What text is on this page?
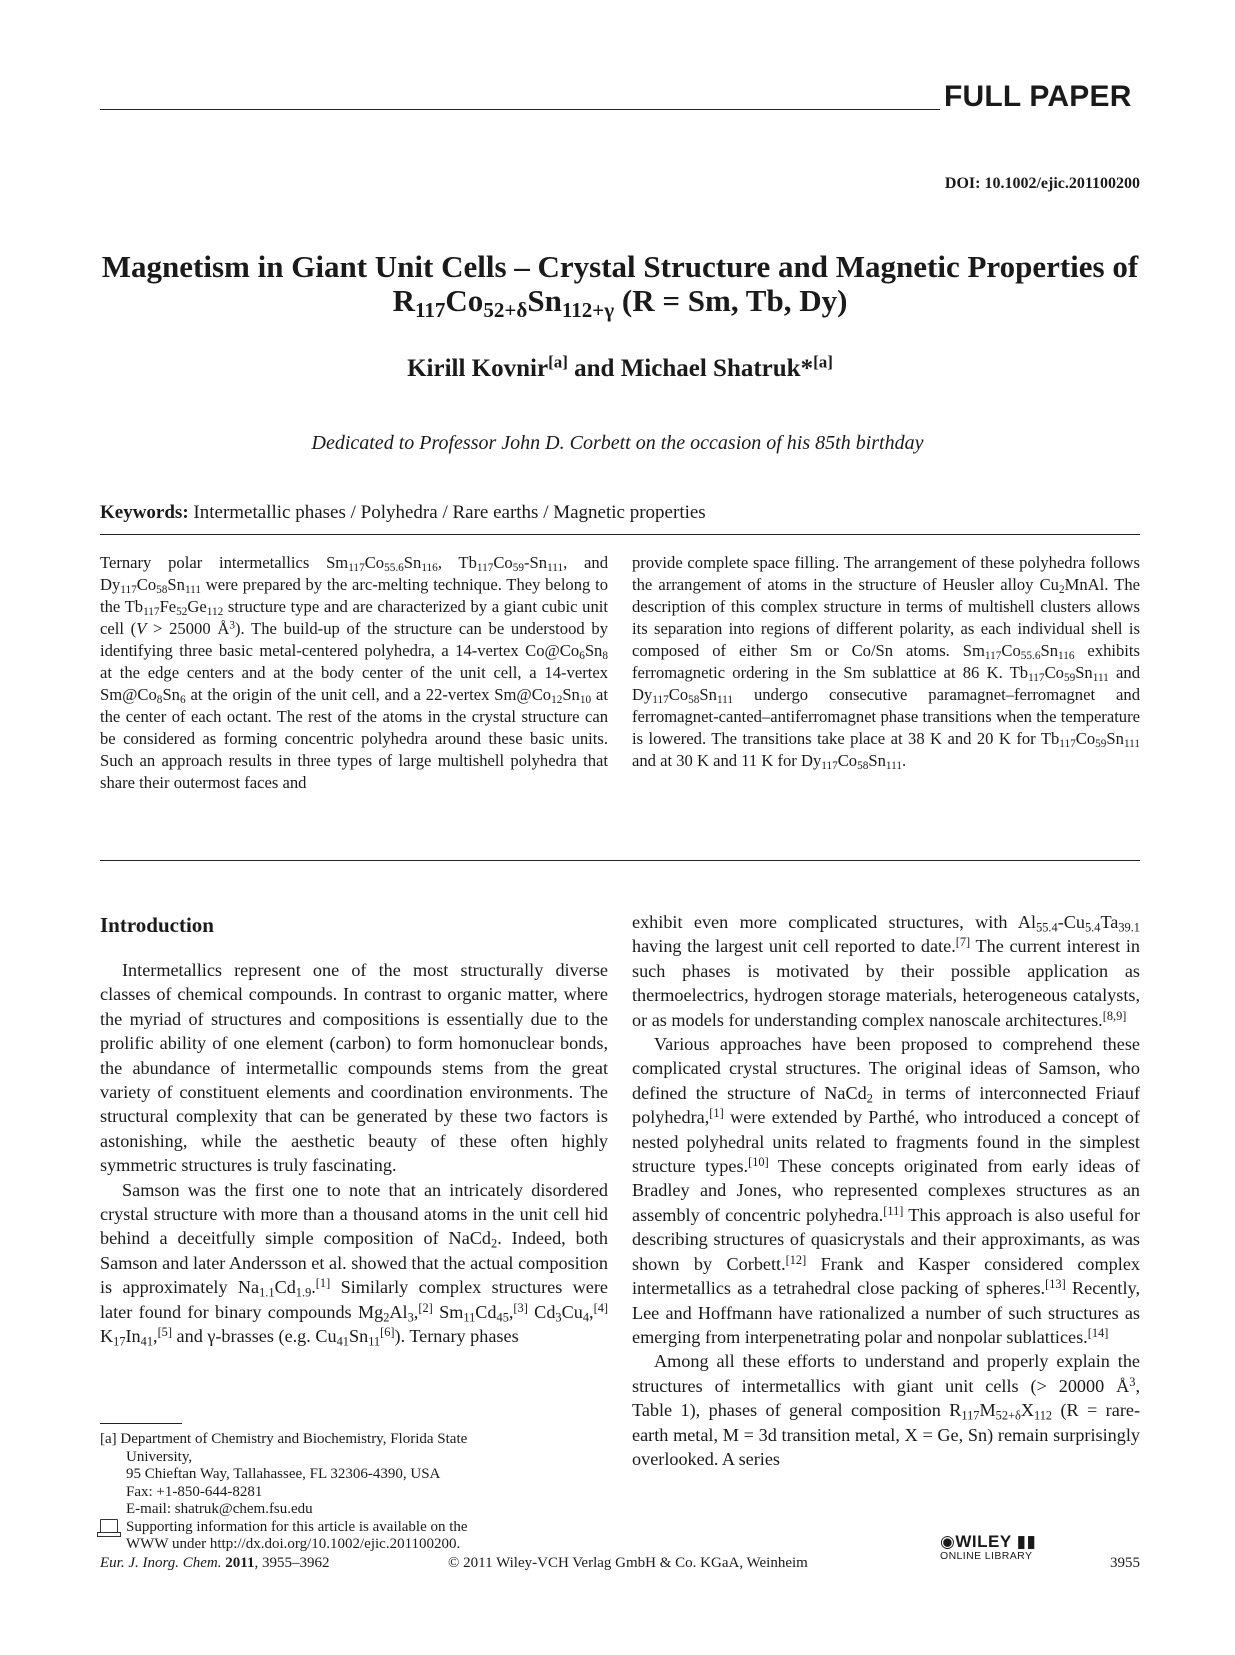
FULL PAPER
DOI: 10.1002/ejic.201100200
Magnetism in Giant Unit Cells – Crystal Structure and Magnetic Properties of
$R_{117}Co_{52+\delta}Sn_{112+\gamma}$ (R = Sm, Tb, Dy)
Kirill Kovnir[a] and Michael Shatruk*[a]
Dedicated to Professor John D. Corbett on the occasion of his 85th birthday
Keywords: Intermetallic phases / Polyhedra / Rare earths / Magnetic properties
Ternary polar intermetallics $Sm_{117}Co_{55.6}Sn_{116}$, $Tb_{117}Co_{59}-Sn_{111}$, and $Dy_{117}Co_{58}Sn_{111}$ were prepared by the arc-melting technique. They belong to the $Tb_{117}Fe_{52}Ge_{112}$ structure type and are characterized by a giant cubic unit cell (V > 25000 $Å^3$). The build-up of the structure can be understood by identifying three basic metal-centered polyhedra, a 14-vertex $Co@Co_6Sn_8$ at the edge centers and at the body center of the unit cell, a 14-vertex $Sm@Co_8Sn_6$ at the origin of the unit cell, and a 22-vertex $Sm@Co_{12}Sn_{10}$ at the center of each octant. The rest of the atoms in the crystal structure can be considered as forming concentric polyhedra around these basic units. Such an approach results in three types of large multishell polyhedra that share their outermost faces and
provide complete space filling. The arrangement of these polyhedra follows the arrangement of atoms in the structure of Heusler alloy $Cu_2MnAl$. The description of this complex structure in terms of multishell clusters allows its separation into regions of different polarity, as each individual shell is composed of either Sm or Co/Sn atoms. $Sm_{117}Co_{55.6}Sn_{116}$ exhibits ferromagnetic ordering in the Sm sublattice at 86 K. $Tb_{117}Co_{59}Sn_{111}$ and $Dy_{117}Co_{58}Sn_{111}$ undergo consecutive paramagnet–ferromagnet and ferromagnet-canted–antiferromagnet phase transitions when the temperature is lowered. The transitions take place at 38 K and 20 K for $Tb_{117}Co_{59}Sn_{111}$ and at 30 K and 11 K for $Dy_{117}Co_{58}Sn_{111}$.
Introduction

Intermetallics represent one of the most structurally diverse classes of chemical compounds. In contrast to organic matter, where the myriad of structures and compositions is essentially due to the prolific ability of one element (carbon) to form homonuclear bonds, the abundance of intermetallic compounds stems from the great variety of constituent elements and coordination environments. The structural complexity that can be generated by these two factors is astonishing, while the aesthetic beauty of these often highly symmetric structures is truly fascinating.

Samson was the first one to note that an intricately disordered crystal structure with more than a thousand atoms in the unit cell hid behind a deceitfully simple composition of NaCd$_2$. Indeed, both Samson and later Andersson et al. showed that the actual composition is approximately $Na_{1.1}Cd_{1.9}.[1]$ Similarly complex structures were later found for binary compounds $Mg_2Al_3,[2]$ $Sm_{11}Cd_{45},[3]$ $Cd_3Cu_4,[4]$ $K_{17}In_{41},[5]$ and γ-brasses (e.g. $Cu_{41}Sn_{11}[6]$). Ternary phases

exhibit even more complicated structures, with $Al_{55.4}-Cu_{5.4}Ta_{39.1}$ having the largest unit cell reported to date.[7] The current interest in such phases is motivated by their possible application as thermoelectrics, hydrogen storage materials, heterogeneous catalysts, or as models for understanding complex nanoscale architectures.[8,9]

Various approaches have been proposed to comprehend these complicated crystal structures. The original ideas of Samson, who defined the structure of NaCd$_2$ in terms of interconnected Friauf polyhedra,[1] were extended by Parthé, who introduced a concept of nested polyhedral units related to fragments found in the simplest structure types.[10] These concepts originated from early ideas of Bradley and Jones, who represented complexes structures as an assembly of concentric polyhedra.[11] This approach is also useful for describing structures of quasicrystals and their approximants, as was shown by Corbett.[12] Frank and Kasper considered complex intermetallics as a tetrahedral close packing of spheres.[13] Recently, Lee and Hoffmann have rationalized a number of such structures as emerging from interpenetrating polar and nonpolar sublattices.[14]

Among all these efforts to understand and properly explain the structures of intermetallics with giant unit cells (> 20000 $Å^3$, Table 1), phases of general composition $R_{117}M_{52+\delta}X_{112}$ (R = rare-earth metal, M = 3d transition metal, X = Ge, Sn) remain surprisingly overlooked. A series

[a] Department of Chemistry and Biochemistry, Florida State
University,
95 Chieftan Way, Tallahassee, FL 32306-4390, USA
Fax: +1-850-644-8281
E-mail: shatruk@chem.fsu.edu
Supporting information for this article is available on the
WWW under http://dx.doi.org/10.1002/ejic.201100200.
Eur. J. Inorg. Chem. 2011, 3955–3962	© 2011 Wiley-VCH Verlag GmbH & Co. KGaA, Weinheim
◉WILEY ▮▮
ONLINE LIBRARY	3955
